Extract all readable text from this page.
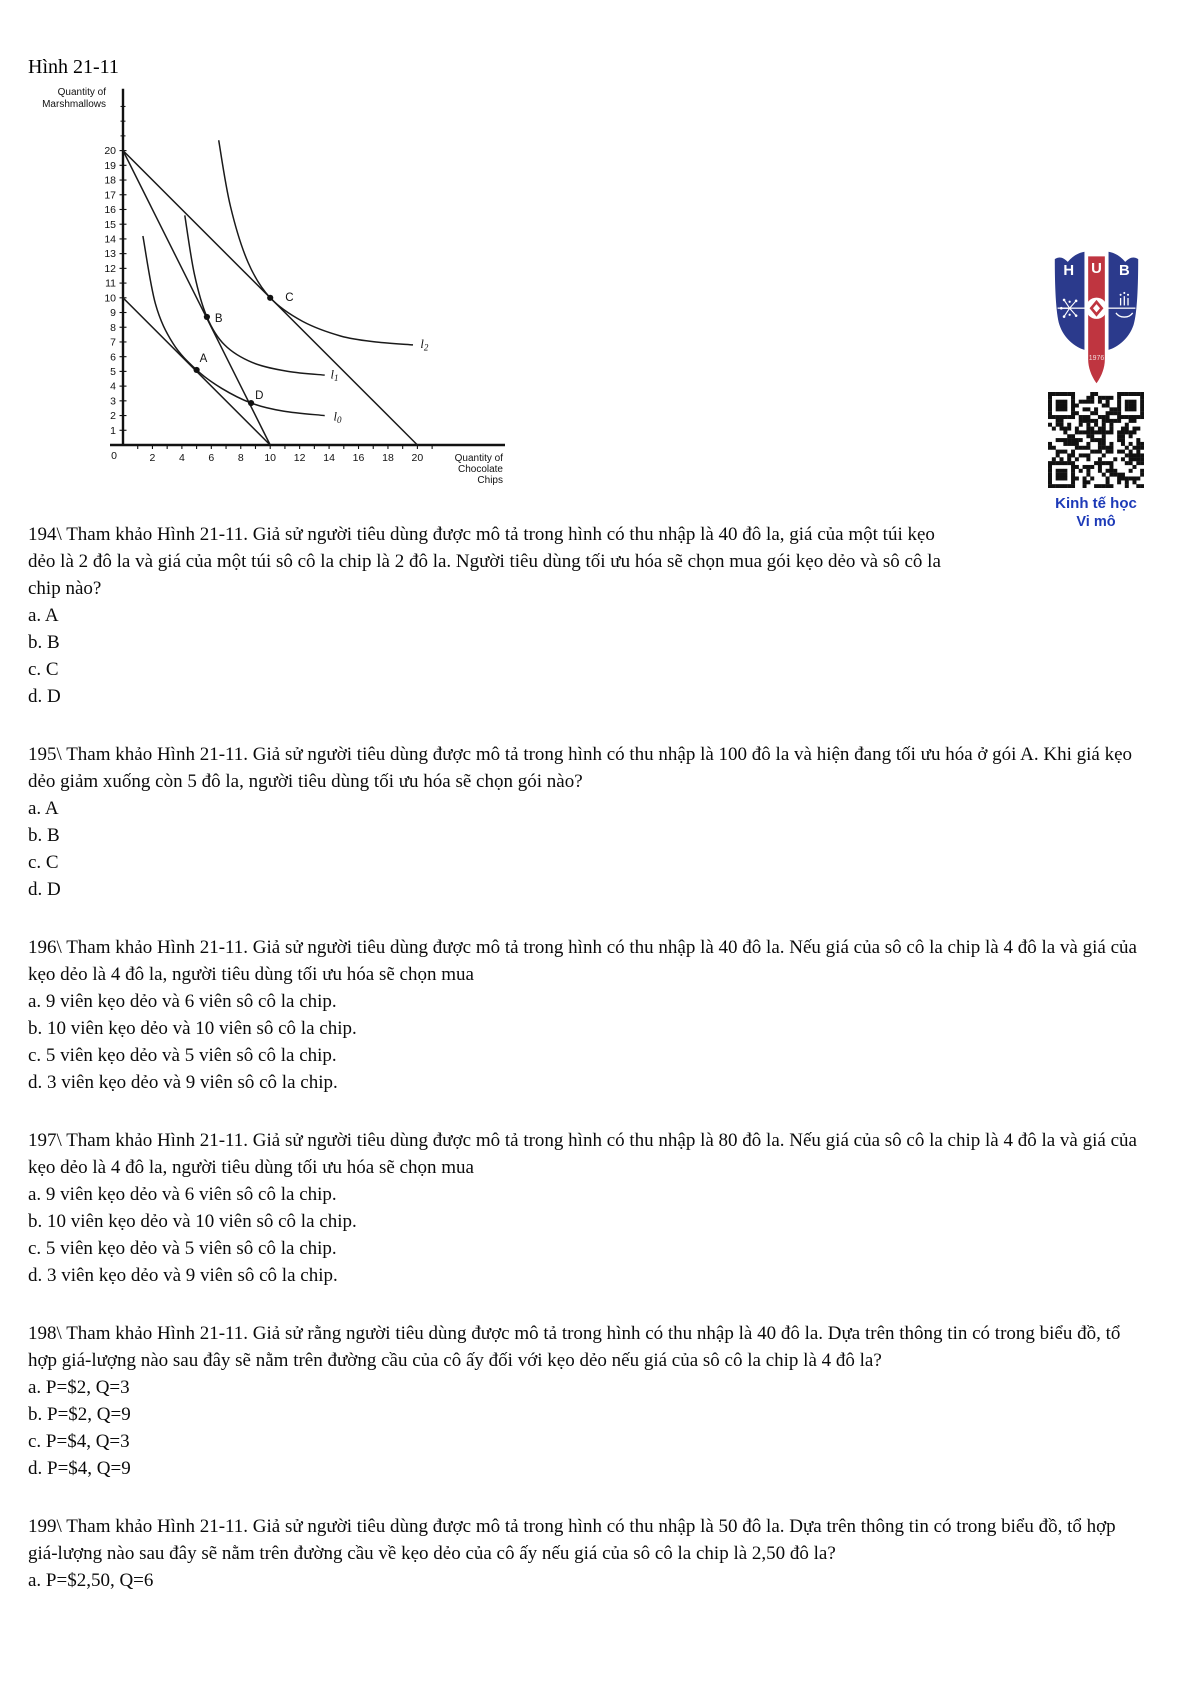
Hình 21-11
1
2
3
4
5
6
7
8
9
10
11
12
13
14
15
16
17
18
19
20
2 4 6 8 10 12 14 16 18 20
0
Quantity of
Marshmallows
Quantity of
Chocolate
Chips
$l_0$
$l_1$
$l_2$
A
B
C
D
H U B
1976
Kinh tế học
Vi mô

194\ Tham khảo Hình 21-11. Giả sử người tiêu dùng được mô tả trong hình có thu nhập là 40 đô la, giá của một túi kẹo dẻo là 2 đô la và giá của một túi sô cô la chip là 2 đô la. Người tiêu dùng tối ưu hóa sẽ chọn mua gói kẹo dẻo và sô cô la chip nào?

a. A
b. B
c. C
d. D

195\ Tham khảo Hình 21-11. Giả sử người tiêu dùng được mô tả trong hình có thu nhập là 100 đô la và hiện đang tối ưu hóa ở gói A. Khi giá kẹo dẻo giảm xuống còn 5 đô la, người tiêu dùng tối ưu hóa sẽ chọn gói nào?

a. A
b. B
c. C
d. D

196\ Tham khảo Hình 21-11. Giả sử người tiêu dùng được mô tả trong hình có thu nhập là 40 đô la. Nếu giá của sô cô la chip là 4 đô la và giá của kẹo dẻo là 4 đô la, người tiêu dùng tối ưu hóa sẽ chọn mua

a. 9 viên kẹo dẻo và 6 viên sô cô la chip.
b. 10 viên kẹo dẻo và 10 viên sô cô la chip.
c. 5 viên kẹo dẻo và 5 viên sô cô la chip.
d. 3 viên kẹo dẻo và 9 viên sô cô la chip.

197\ Tham khảo Hình 21-11. Giả sử người tiêu dùng được mô tả trong hình có thu nhập là 80 đô la. Nếu giá của sô cô la chip là 4 đô la và giá của kẹo dẻo là 4 đô la, người tiêu dùng tối ưu hóa sẽ chọn mua

a. 9 viên kẹo dẻo và 6 viên sô cô la chip.
b. 10 viên kẹo dẻo và 10 viên sô cô la chip.
c. 5 viên kẹo dẻo và 5 viên sô cô la chip.
d. 3 viên kẹo dẻo và 9 viên sô cô la chip.

198\ Tham khảo Hình 21-11. Giả sử rằng người tiêu dùng được mô tả trong hình có thu nhập là 40 đô la. Dựa trên thông tin có trong biểu đồ, tổ hợp giá-lượng nào sau đây sẽ nằm trên đường cầu của cô ấy đối với kẹo dẻo nếu giá của sô cô la chip là 4 đô la?

a. P=$2, Q=3
b. P=$2, Q=9
c. P=$4, Q=3
d. P=$4, Q=9

199\ Tham khảo Hình 21-11. Giả sử người tiêu dùng được mô tả trong hình có thu nhập là 50 đô la. Dựa trên thông tin có trong biểu đồ, tổ hợp giá-lượng nào sau đây sẽ nằm trên đường cầu về kẹo dẻo của cô ấy nếu giá của sô cô la chip là 2,50 đô la?

a. P=$2,50, Q=6
